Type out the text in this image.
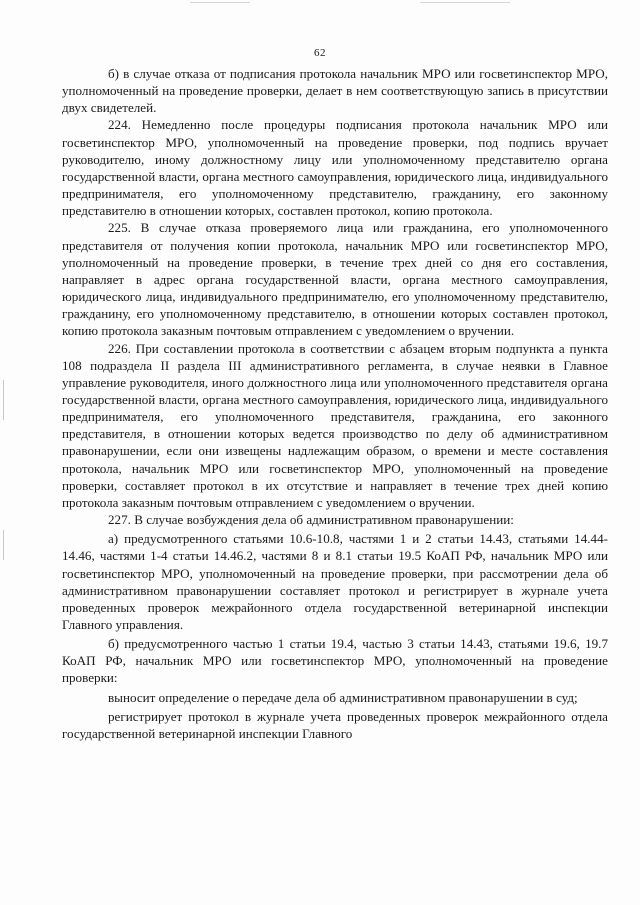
62

б) в случае отказа от подписания протокола начальник МРО или госветинспектор МРО, уполномоченный на проведение проверки, делает в нем соответствующую запись в присутствии двух свидетелей.

224. Немедленно после процедуры подписания протокола начальник МРО или госветинспектор МРО, уполномоченный на проведение проверки, под подпись вручает руководителю, иному должностному лицу или уполномоченному представителю органа государственной власти, органа местного самоуправления, юридического лица, индивидуального предпринимателя, его уполномоченному представителю, гражданину, его законному представителю в отношении которых, составлен протокол, копию протокола.

225. В случае отказа проверяемого лица или гражданина, его уполномоченного представителя от получения копии протокола, начальник МРО или госветинспектор МРО, уполномоченный на проведение проверки, в течение трех дней со дня его составления, направляет в адрес органа государственной власти, органа местного самоуправления, юридического лица, индивидуального предпринимателю, его уполномоченному представителю, гражданину, его уполномоченному представителю, в отношении которых составлен протокол, копию протокола заказным почтовым отправлением с уведомлением о вручении.

226. При составлении протокола в соответствии с абзацем вторым подпункта а пункта 108 подраздела II раздела III административного регламента, в случае неявки в Главное управление руководителя, иного должностного лица или уполномоченного представителя органа государственной власти, органа местного самоуправления, юридического лица, индивидуального предпринимателя, его уполномоченного представителя, гражданина, его законного представителя, в отношении которых ведется производство по делу об административном правонарушении, если они извещены надлежащим образом, о времени и месте составления протокола, начальник МРО или госветинспектор МРО, уполномоченный на проведение проверки, составляет протокол в их отсутствие и направляет в течение трех дней копию протокола заказным почтовым отправлением с уведомлением о вручении.

227. В случае возбуждения дела об административном правонарушении:

а) предусмотренного статьями 10.6-10.8, частями 1 и 2 статьи 14.43, статьями 14.44-14.46, частями 1-4 статьи 14.46.2, частями 8 и 8.1 статьи 19.5 КоАП РФ, начальник МРО или госветинспектор МРО, уполномоченный на проведение проверки, при рассмотрении дела об административном правонарушении составляет протокол и регистрирует в журнале учета проведенных проверок межрайонного отдела государственной ветеринарной инспекции Главного управления.

б) предусмотренного частью 1 статьи 19.4, частью 3 статьи 14.43, статьями 19.6, 19.7 КоАП РФ, начальник МРО или госветинспектор МРО, уполномоченный на проведение проверки:

выносит определение о передаче дела об административном правонарушении в суд;

регистрирует протокол в журнале учета проведенных проверок межрайонного отдела государственной ветеринарной инспекции Главного
